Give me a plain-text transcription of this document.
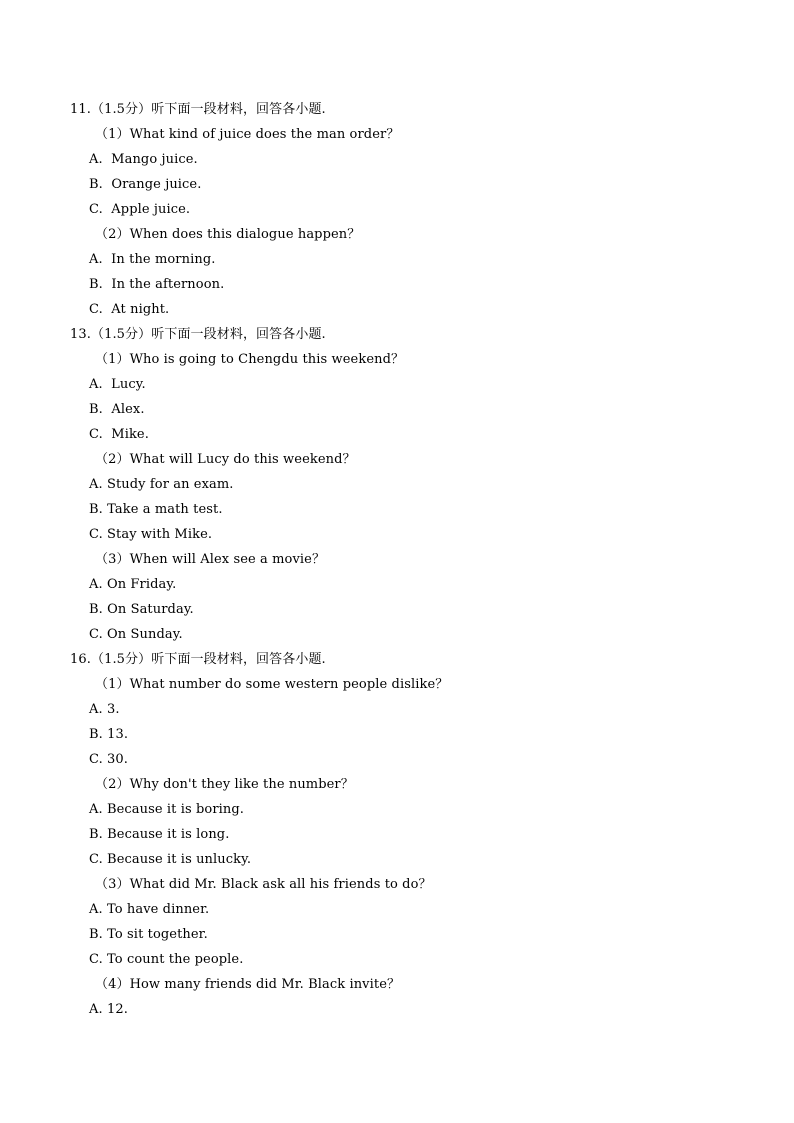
11.（1.5分）听下面一段材料，回答各小题.
（1）What kind of juice does the man order？
A.  Mango juice.
B.  Orange juice.
C.  Apple juice.
（2）When does this dialogue happen？
A.  In the morning.
B.  In the afternoon.
C.  At night.
13.（1.5分）听下面一段材料，回答各小题.
（1）Who is going to Chengdu this weekend？
A.  Lucy.
B.  Alex.
C.  Mike.
（2）What will Lucy do this weekend？
A. Study for an exam.
B. Take a math test.
C. Stay with Mike.
（3）When will Alex see a movie？
A. On Friday.
B. On Saturday.
C. On Sunday.
16.（1.5分）听下面一段材料，回答各小题.
（1）What number do some western people dislike？
A. 3.
B. 13.
C. 30.
（2）Why don't they like the number？
A. Because it is boring.
B. Because it is long.
C. Because it is unlucky.
（3）What did Mr. Black ask all his friends to do？
A. To have dinner.
B. To sit together.
C. To count the people.
（4）How many friends did Mr. Black invite？
A. 12.
